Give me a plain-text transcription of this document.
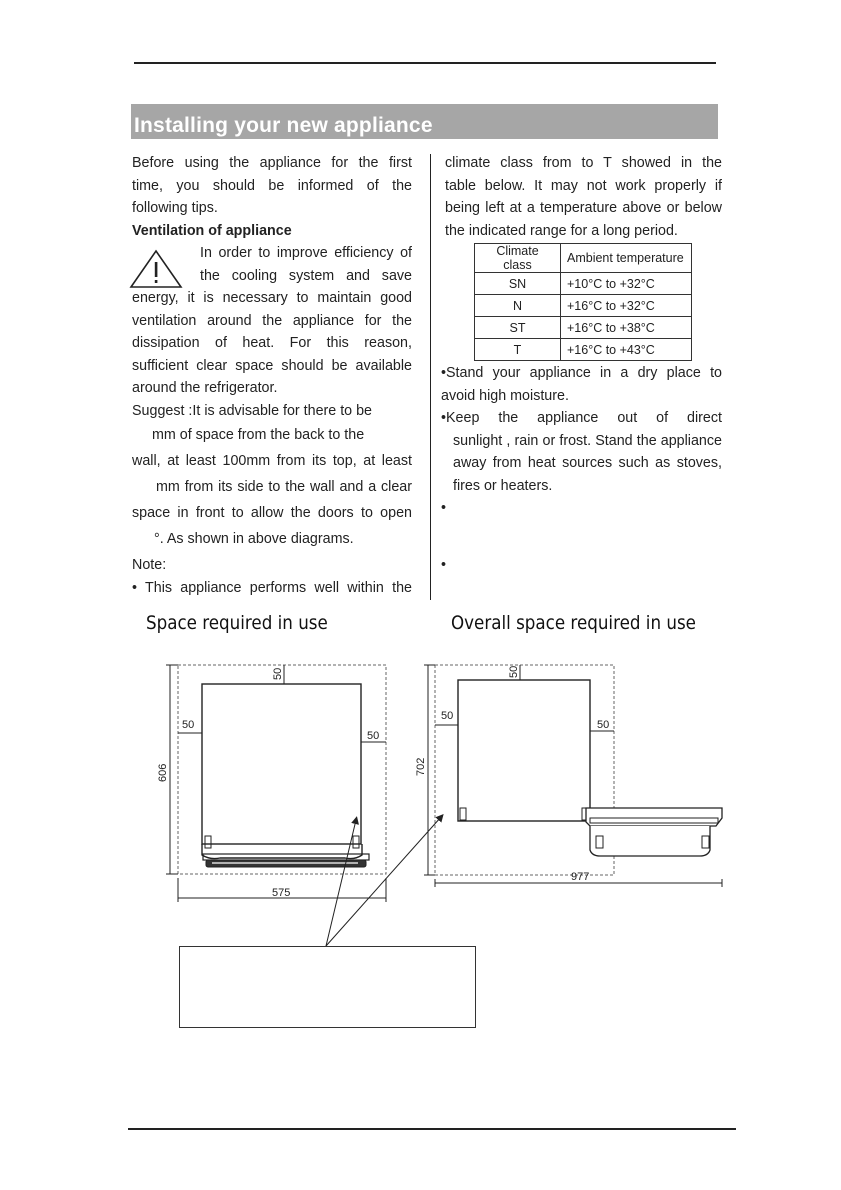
Installing your new appliance
Before using the appliance for the first
time, you should be informed of the
following tips.
Ventilation of appliance
In order to improve efficiency of
the cooling system and save
energy, it is necessary to maintain good
ventilation around the appliance for the
dissipation of heat. For this reason,
sufficient clear space should be available
around the refrigerator.
Suggest :It is advisable for there to be
mm of space from the back to the
wall, at least 100mm from its top, at least
mm from its side to the wall and a clear
space in front to allow the doors to open
°. As shown in above diagrams.
Note:
• This appliance performs well within the
climate class from to T showed in the
table below. It may not work properly if
being left at a temperature above or below
the indicated range for a long period.
•Stand your appliance in a dry place to
avoid high moisture.
•Keep the appliance out of direct
sunlight , rain or frost. Stand the appliance
away from heat sources such as stoves,
fires or heaters.
•
•
Climate class	Ambient temperature
SN	+10°C to +32°C
N	+16°C to +32°C
ST	+16°C to +38°C
T	+16°C to +43°C
Space required in use	Overall space required in use
50
50
50
606
575
50
50
50
702
977
